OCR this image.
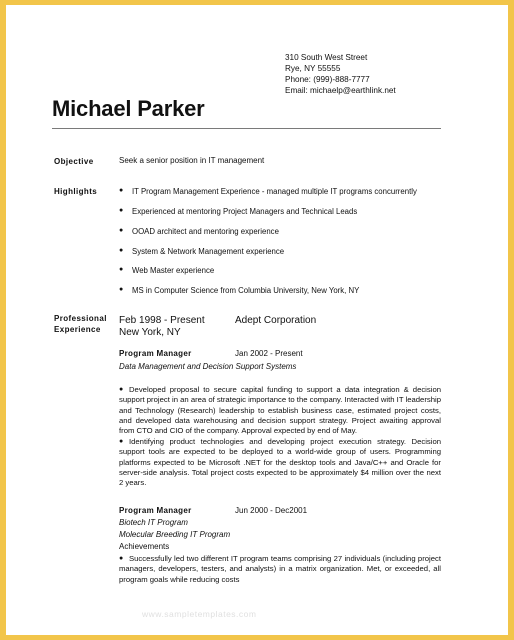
310 South West Street
Rye, NY 55555
Phone: (999)-888-7777
Email: michaelp@earthlink.net
Michael Parker
Objective	Seek a senior position in IT management
Highlights	● IT Program Management Experience - managed multiple IT programs concurrently
● Experienced at mentoring Project Managers and Technical Leads
● OOAD architect and mentoring experience
● System & Network Management experience
● Web Master experience
● MS in Computer Science from Columbia University, New York, NY
Professional
Experience
Feb 1998 - Present	Adept Corporation
New York, NY
Program Manager	Jan 2002 - Present
Data Management and Decision Support Systems
● Developed proposal to secure capital funding to support a data integration & decision support project in an area of strategic importance to the company. Interacted with IT leadership and Technology (Research) leadership to establish business case, estimated project costs, and developed data warehousing and decision support strategy. Project awaiting approval from CTO and CIO of the company. Approval expected by end of May.
● Identifying product technologies and developing project execution strategy. Decision support tools are expected to be deployed to a world-wide group of users. Programming platforms expected to be Microsoft .NET for the desktop tools and Java/C++ and Oracle for server-side analysis. Total project costs expected to be approximately $4 million over the next 2 years.
Program Manager	Jun 2000 - Dec2001
Biotech IT Program
Molecular Breeding IT Program
Achievements
● Successfully led two different IT program teams comprising 27 individuals (including project managers, developers, testers, and analysts) in a matrix organization. Met, or exceeded, all program goals while reducing costs
www.sampletemplates.com
